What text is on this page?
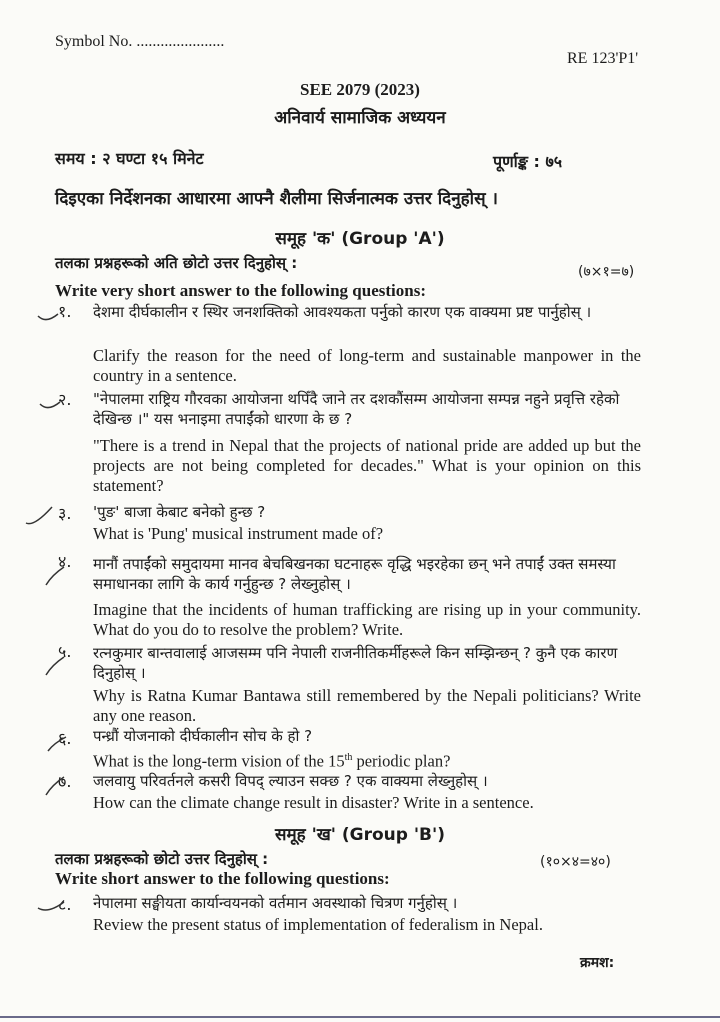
Symbol No. ......................
RE 123'P1'
SEE 2079 (2023)
अनिवार्य सामाजिक अध्ययन
समय : २ घण्टा १५ मिनेट	पूर्णाङ्क : ७५
दिइएका निर्देशनका आधारमा आफ्नै शैलीमा सिर्जनात्मक उत्तर दिनुहोस् ।
समूह 'क' (Group 'A')
तलका प्रश्नहरूको अति छोटो उत्तर दिनुहोस् :	(७×१=७)
Write very short answer to the following questions:
१. देशमा दीर्घकालीन र स्थिर जनशक्तिको आवश्यकता पर्नुको कारण एक वाक्यमा प्रष्ट पार्नुहोस् ।
Clarify the reason for the need of long-term and sustainable manpower in the country in a sentence.
२. "नेपालमा राष्ट्रिय गौरवका आयोजना थपिँदै जाने तर दशकौंसम्म आयोजना सम्पन्न नहुने प्रवृत्ति रहेको देखिन्छ ।" यस भनाइमा तपाईंको धारणा के छ ?
"There is a trend in Nepal that the projects of national pride are added up but the projects are not being completed for decades." What is your opinion on this statement?
३. 'पुङ' बाजा केबाट बनेको हुन्छ ?
What is 'Pung' musical instrument made of?
४. मानौं तपाईंको समुदायमा मानव बेचबिखनका घटनाहरू वृद्धि भइरहेका छन् भने तपाईं उक्त समस्या समाधानका लागि के कार्य गर्नुहुन्छ ? लेख्नुहोस् ।
Imagine that the incidents of human trafficking are rising up in your community. What do you do to resolve the problem? Write.
५. रत्नकुमार बान्तवालाई आजसम्म पनि नेपाली राजनीतिकर्मीहरूले किन सम्झिन्छन् ? कुनै एक कारण दिनुहोस् ।
Why is Ratna Kumar Bantawa still remembered by the Nepali politicians? Write any one reason.
६. पन्ध्रौं योजनाको दीर्घकालीन सोच के हो ?
What is the long-term vision of the 15th periodic plan?
७. जलवायु परिवर्तनले कसरी विपद् ल्याउन सक्छ ? एक वाक्यमा लेख्नुहोस् ।
How can the climate change result in disaster? Write in a sentence.
समूह 'ख' (Group 'B')
तलका प्रश्नहरूको छोटो उत्तर दिनुहोस् :	(१०×४=४०)
Write short answer to the following questions:
८. नेपालमा सङ्घीयता कार्यान्वयनको वर्तमान अवस्थाको चित्रण गर्नुहोस् ।
Review the present status of implementation of federalism in Nepal.
क्रमश:
